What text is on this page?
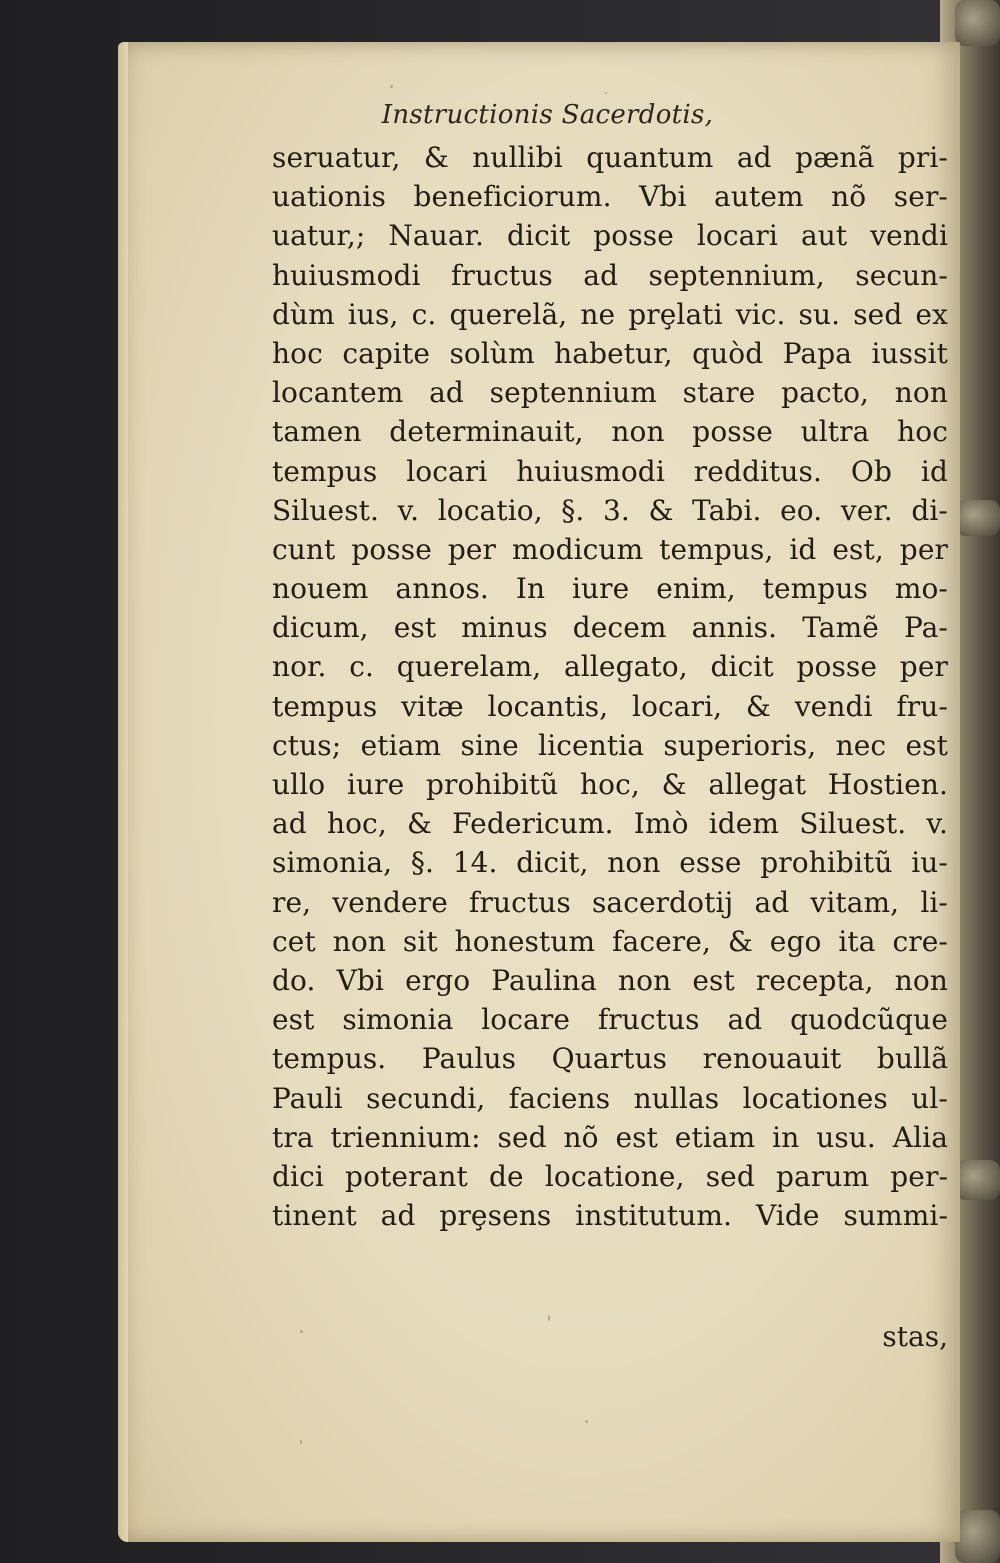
Instructionis Sacerdotis,
seruatur, & nullibi quantum ad pænã pri-
uationis beneficiorum. Vbi autem nõ ser-
uatur,; Nauar. dicit posse locari aut vendi
huiusmodi fructus ad septennium, secun-
dùm ius, c. querelã, ne prȩlati vic. su. sed ex
hoc capite solùm habetur, quòd Papa iussit
locantem ad septennium stare pacto, non
tamen determinauit, non posse ultra hoc
tempus locari huiusmodi redditus. Ob id
Siluest. v. locatio, §. 3. & Tabi. eo. ver. di-
cunt posse per modicum tempus, id est, per
nouem annos. In iure enim, tempus mo-
dicum, est minus decem annis. Tamẽ Pa-
nor. c. querelam, allegato, dicit posse per
tempus vitæ locantis, locari, & vendi fru-
ctus; etiam sine licentia superioris, nec est
ullo iure prohibitũ hoc, & allegat Hostien.
ad hoc, & Federicum. Imò idem Siluest. v.
simonia, §. 14. dicit, non esse prohibitũ iu-
re, vendere fructus sacerdotij ad vitam, li-
cet non sit honestum facere, & ego ita cre-
do. Vbi ergo Paulina non est recepta, non
est simonia locare fructus ad quodcũque
tempus. Paulus Quartus renouauit bullã
Pauli secundi, faciens nullas locationes ul-
tra triennium: sed nõ est etiam in usu. Alia
dici poterant de locatione, sed parum per-
tinent ad prȩsens institutum. Vide summi-
stas,
